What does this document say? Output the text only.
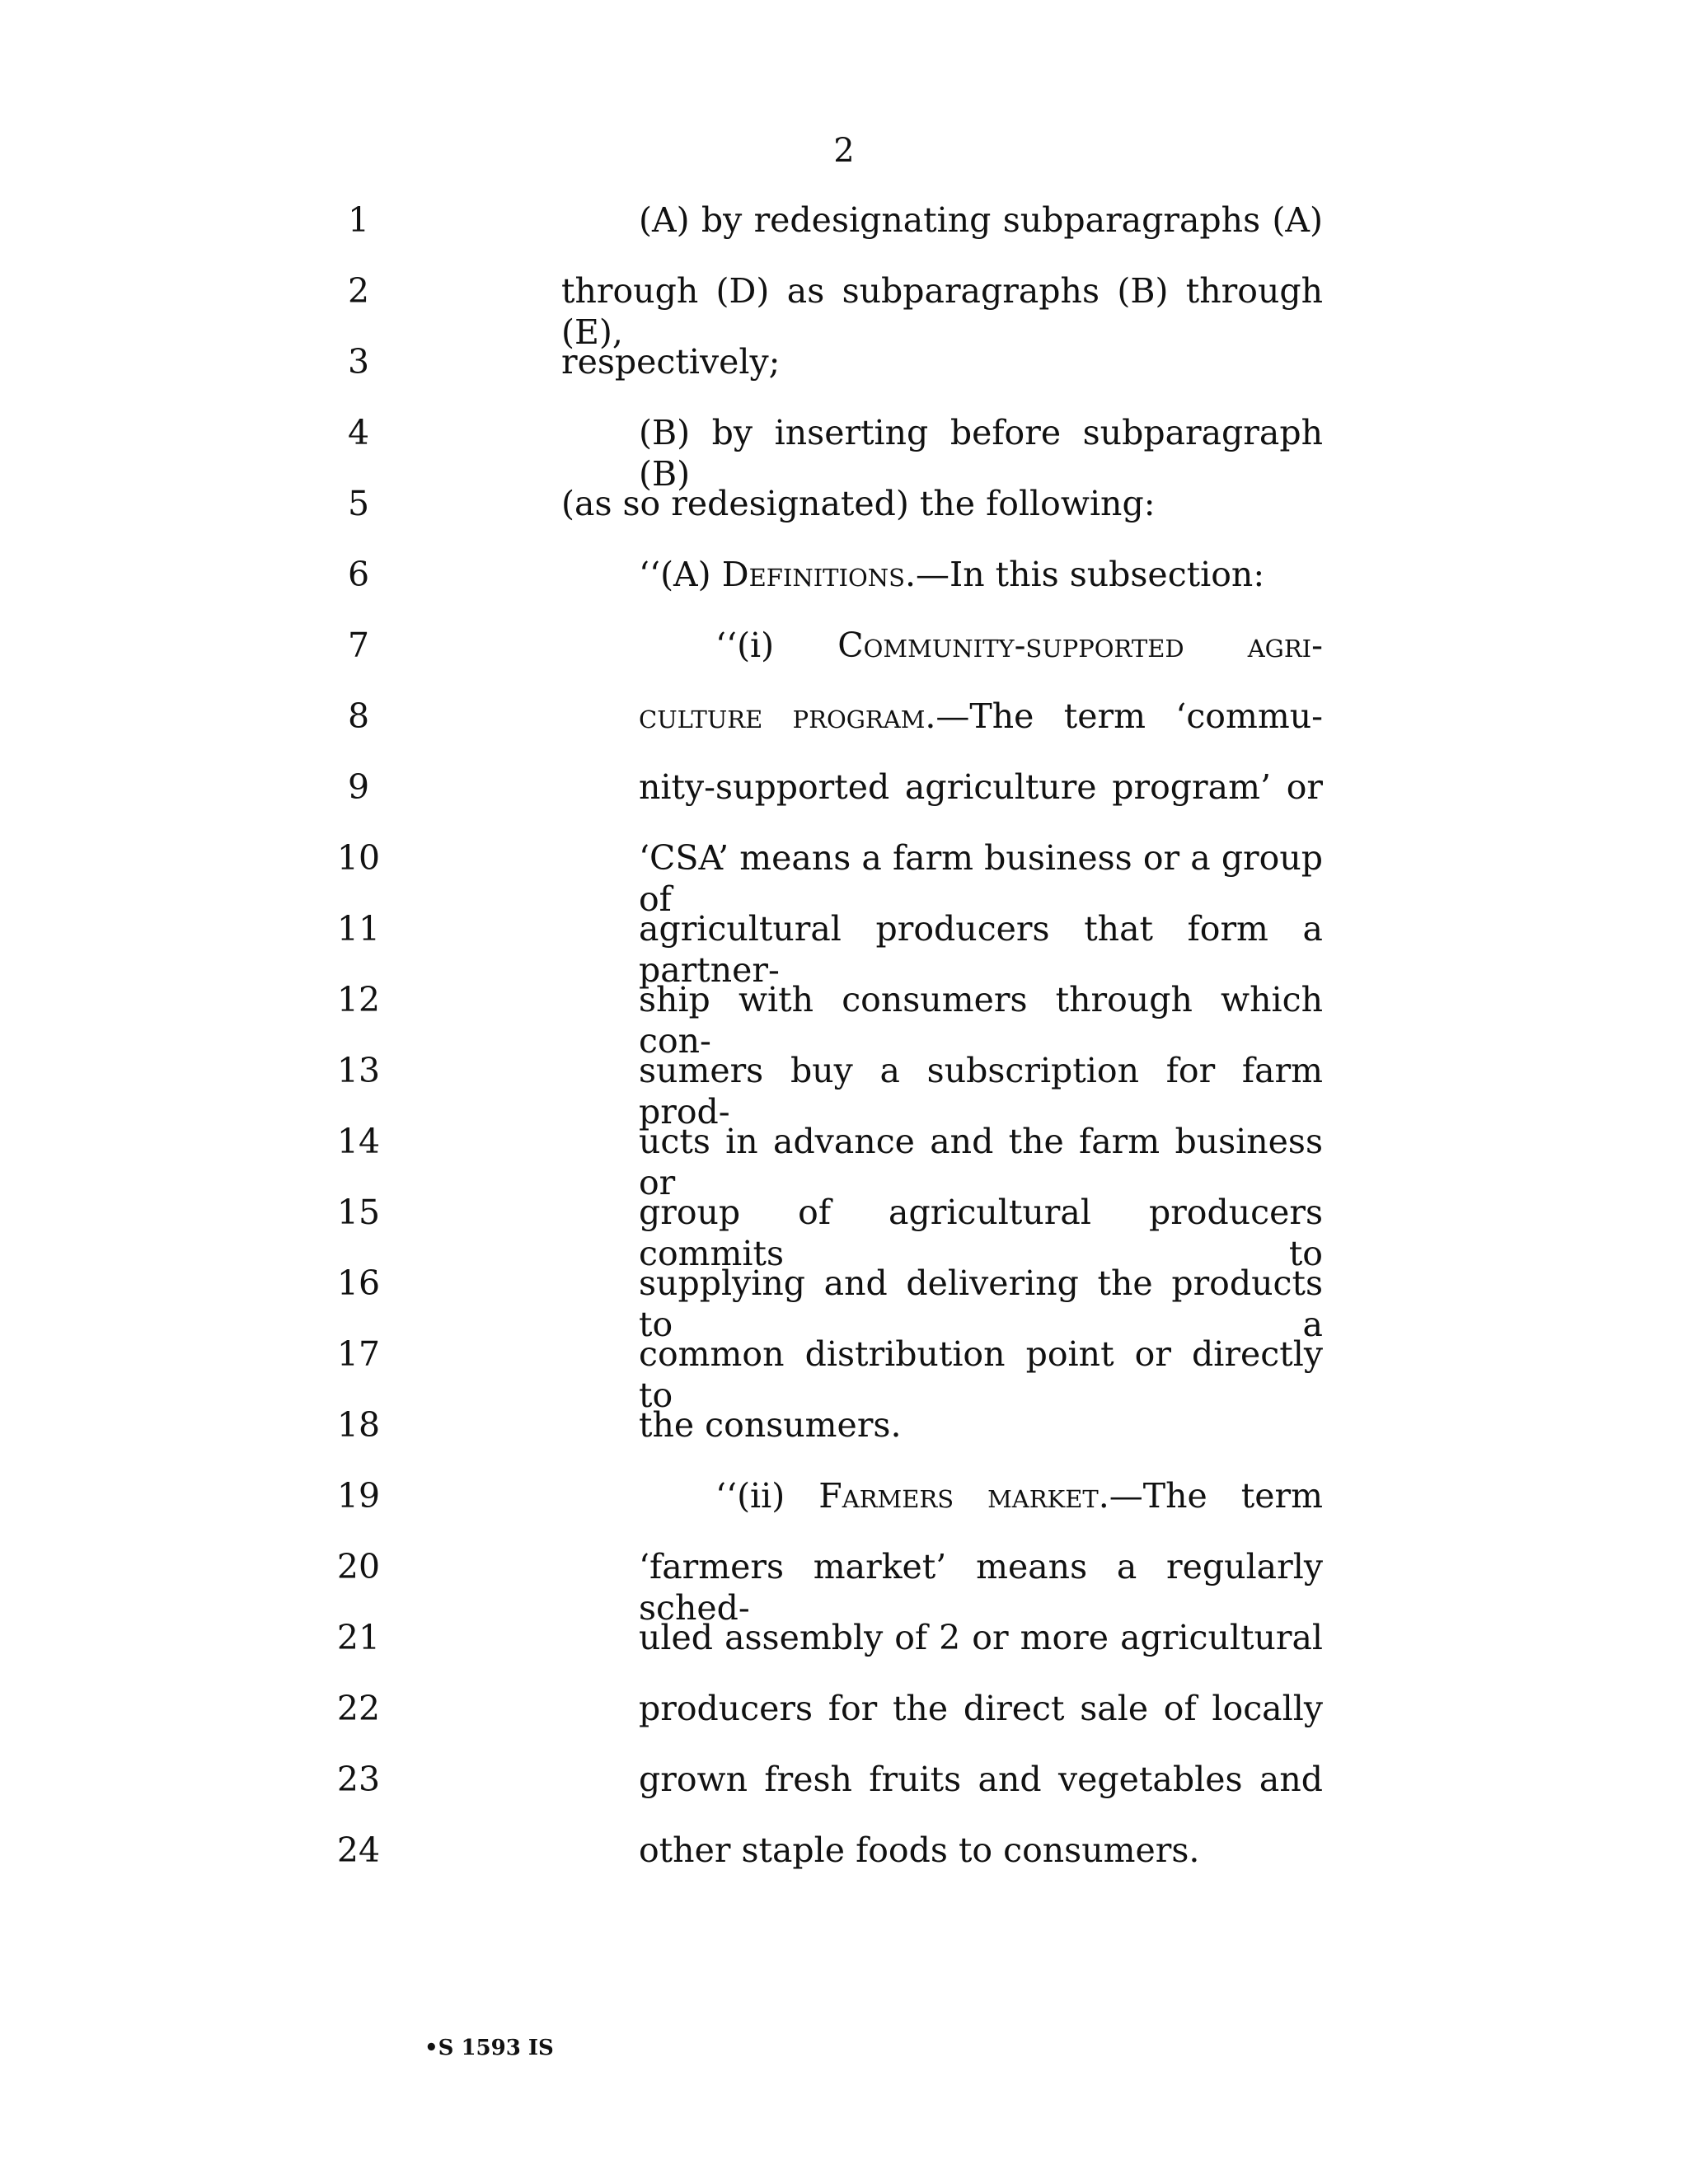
2
1	(A) by redesignating subparagraphs (A)
2	through (D) as subparagraphs (B) through (E),
3	respectively;
4	(B) by inserting before subparagraph (B)
5	(as so redesignated) the following:
6	‘‘(A) Definitions.—In this subsection:
7	‘‘(i) Community-supported agri-
8	culture program.—The term ‘commu-
9	nity-supported agriculture program’ or
10	‘CSA’ means a farm business or a group of
11	agricultural producers that form a partner-
12	ship with consumers through which con-
13	sumers buy a subscription for farm prod-
14	ucts in advance and the farm business or
15	group of agricultural producers commits to
16	supplying and delivering the products to a
17	common distribution point or directly to
18	the consumers.
19	‘‘(ii) Farmers market.—The term
20	‘farmers market’ means a regularly sched-
21	uled assembly of 2 or more agricultural
22	producers for the direct sale of locally
23	grown fresh fruits and vegetables and
24	other staple foods to consumers.
•S 1593 IS
